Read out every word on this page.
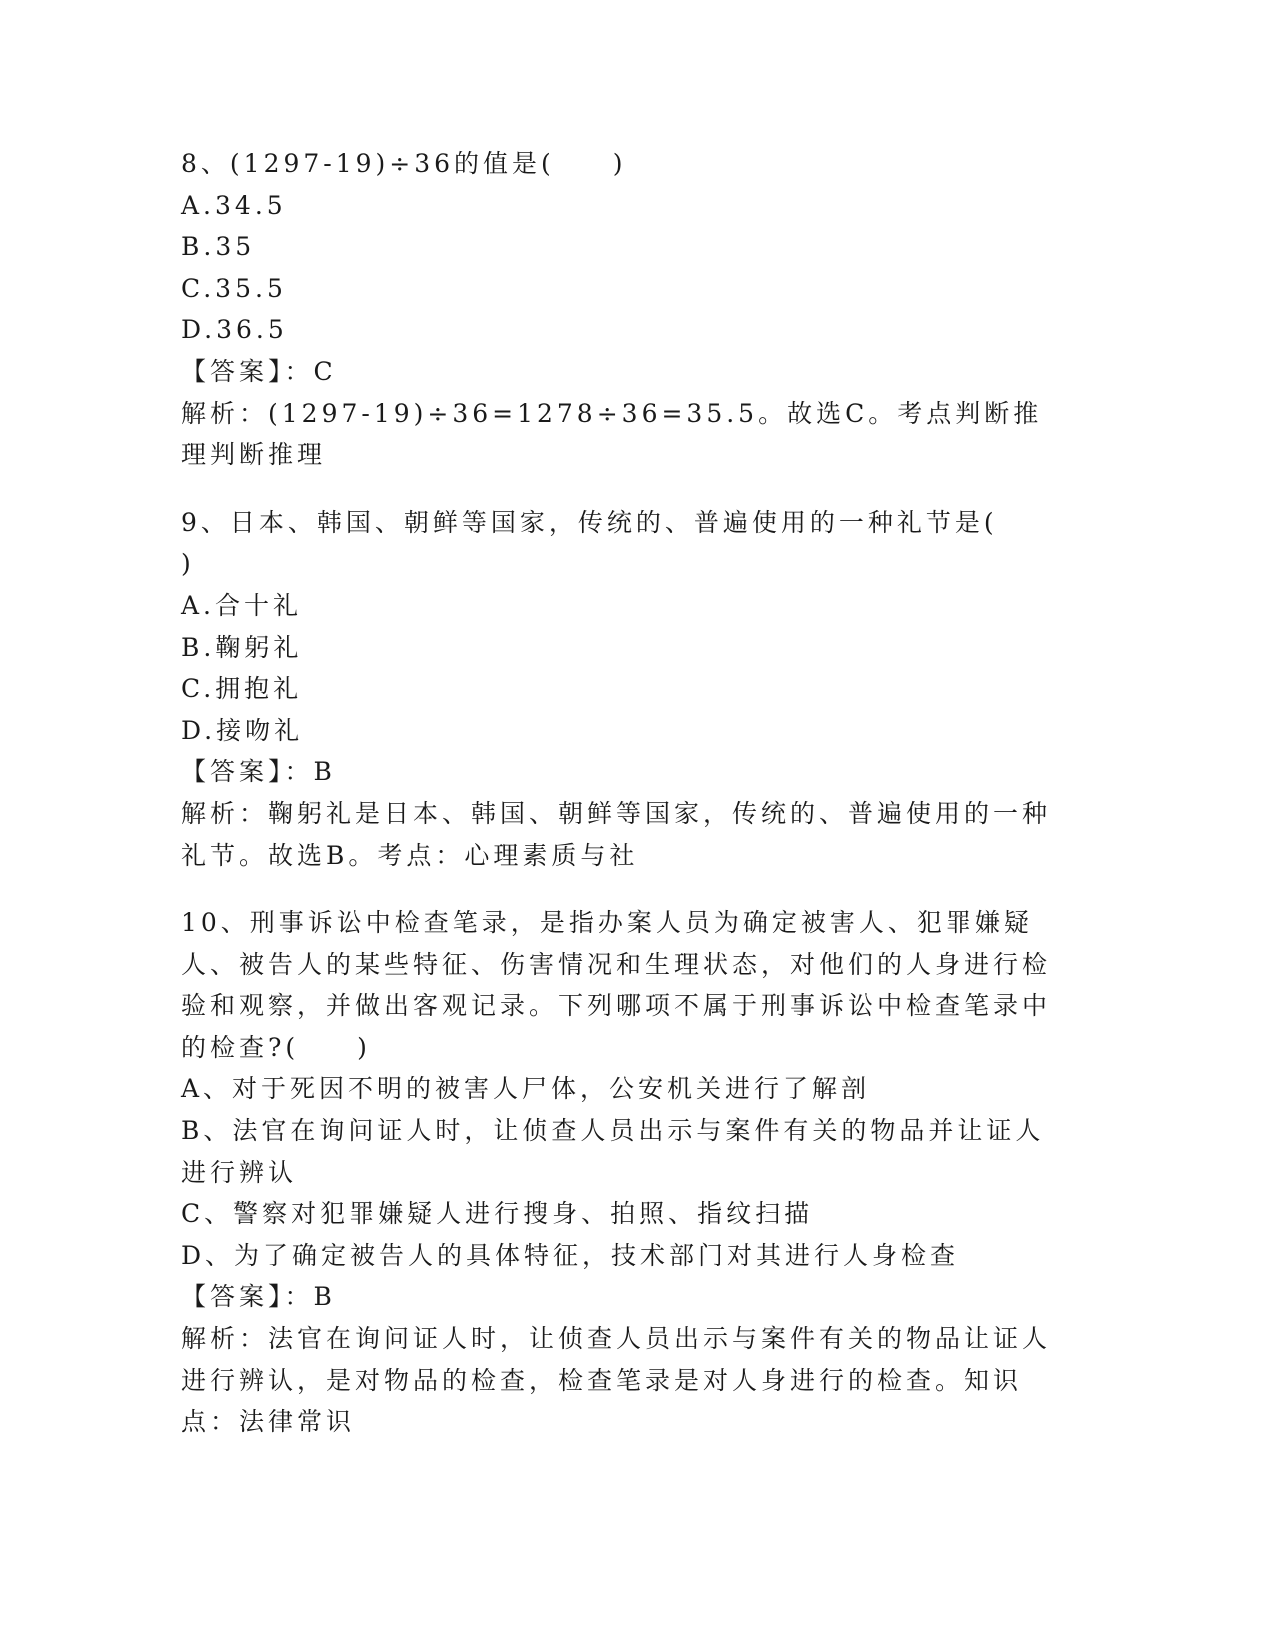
8、(1297-19)÷36的值是(　　)
A.34.5
B.35
C.35.5
D.36.5
【答案】：C
解析：(1297-19)÷36=1278÷36=35.5。故选C。考点判断推理判断推理
9、日本、韩国、朝鲜等国家，传统的、普遍使用的一种礼节是(　　)
A.合十礼
B.鞠躬礼
C.拥抱礼
D.接吻礼
【答案】：B
解析：鞠躬礼是日本、韩国、朝鲜等国家，传统的、普遍使用的一种礼节。故选B。考点：心理素质与社
10、刑事诉讼中检查笔录，是指办案人员为确定被害人、犯罪嫌疑人、被告人的某些特征、伤害情况和生理状态，对他们的人身进行检验和观察，并做出客观记录。下列哪项不属于刑事诉讼中检查笔录中的检查?(　　)
A、对于死因不明的被害人尸体，公安机关进行了解剖
B、法官在询问证人时，让侦查人员出示与案件有关的物品并让证人进行辨认
C、警察对犯罪嫌疑人进行搜身、拍照、指纹扫描
D、为了确定被告人的具体特征，技术部门对其进行人身检查
【答案】：B
解析：法官在询问证人时，让侦查人员出示与案件有关的物品让证人进行辨认，是对物品的检查，检查笔录是对人身进行的检查。知识点：法律常识
